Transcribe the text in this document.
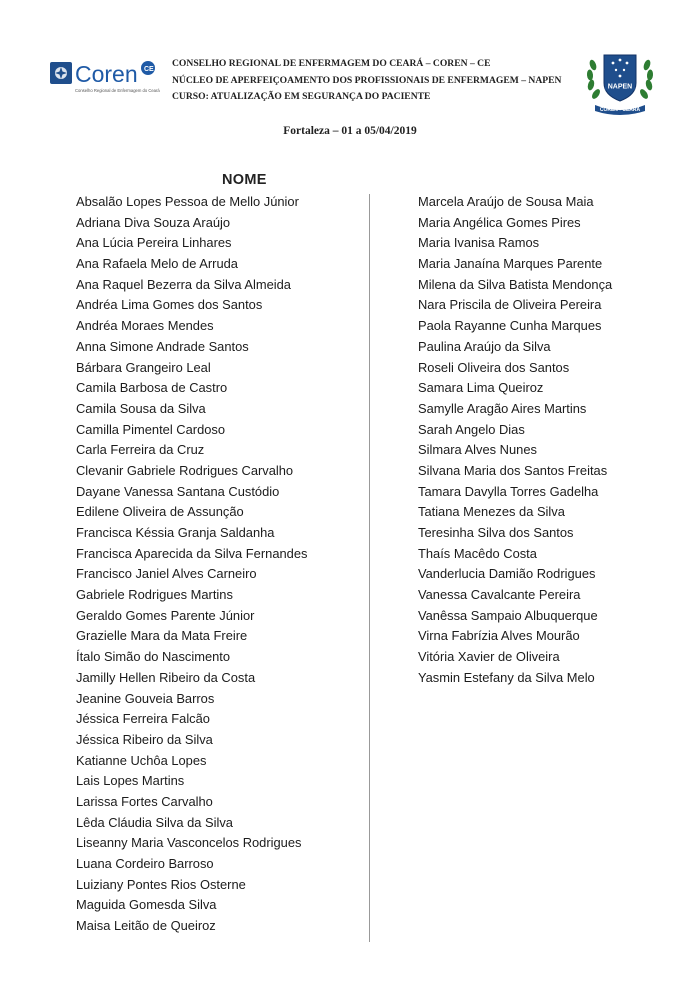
Coren CE
Conselho Regional de Enfermagem do Ceará
CONSELHO REGIONAL DE ENFERMAGEM DO CEARÁ – COREN – CE
NÚCLEO DE APERFEIÇOAMENTO DOS PROFISSIONAIS DE ENFERMAGEM – NAPEN
CURSO: ATUALIZAÇÃO EM SEGURANÇA DO PACIENTE
NAPEN
COREN - CEARÁ
Fortaleza – 01 a 05/04/2019
NOME
Absalão Lopes Pessoa de Mello Júnior
Adriana Diva Souza Araújo
Ana Lúcia Pereira Linhares
Ana Rafaela Melo de Arruda
Ana Raquel Bezerra da Silva Almeida
Andréa Lima Gomes dos Santos
Andréa Moraes Mendes
Anna Simone Andrade Santos
Bárbara Grangeiro Leal
Camila Barbosa de Castro
Camila Sousa da Silva
Camilla Pimentel Cardoso
Carla Ferreira da Cruz
Clevanir Gabriele Rodrigues Carvalho
Dayane Vanessa Santana Custódio
Edilene Oliveira de Assunção
Francisca Késsia Granja Saldanha
Francisca Aparecida da Silva Fernandes
Francisco Janiel Alves Carneiro
Gabriele Rodrigues Martins
Geraldo Gomes Parente Júnior
Grazielle Mara da Mata Freire
Ítalo Simão do Nascimento
Jamilly Hellen Ribeiro da Costa
Jeanine Gouveia Barros
Jéssica Ferreira Falcão
Jéssica Ribeiro da Silva
Katianne Uchôa Lopes
Lais Lopes Martins
Larissa Fortes Carvalho
Lêda Cláudia Silva da Silva
Liseanny Maria Vasconcelos Rodrigues
Luana Cordeiro Barroso
Luiziany Pontes Rios Osterne
Maguida Gomesda Silva
Maisa Leitão de Queiroz
Marcela Araújo de Sousa Maia
Maria Angélica Gomes Pires
Maria Ivanisa Ramos
Maria Janaína Marques Parente
Milena da Silva Batista Mendonça
Nara Priscila de Oliveira Pereira
Paola Rayanne Cunha Marques
Paulina Araújo da Silva
Roseli Oliveira dos Santos
Samara Lima Queiroz
Samylle Aragão Aires Martins
Sarah Angelo Dias
Silmara Alves Nunes
Silvana Maria dos Santos Freitas
Tamara Davylla Torres Gadelha
Tatiana Menezes da Silva
Teresinha Silva dos Santos
Thaís Macêdo Costa
Vanderlucia Damião Rodrigues
Vanessa Cavalcante Pereira
Vanêssa Sampaio Albuquerque
Virna Fabrízia Alves Mourão
Vitória Xavier de Oliveira
Yasmin Estefany da Silva Melo
